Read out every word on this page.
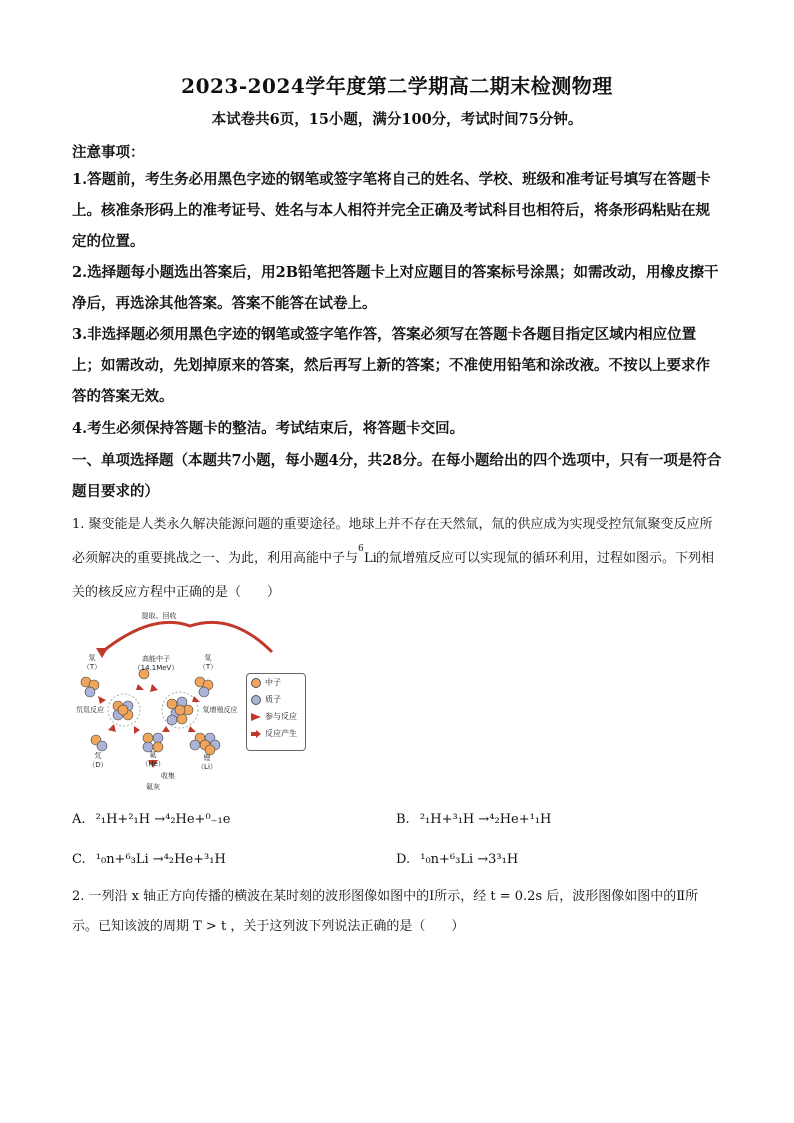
2023-2024学年度第二学期高二期末检测物理
本试卷共6页，15小题，满分100分，考试时间75分钟。
注意事项：
1.答题前，考生务必用黑色字迹的钢笔或签字笔将自己的姓名、学校、班级和准考证号填写在答题卡上。核准条形码上的准考证号、姓名与本人相符并完全正确及考试科目也相符后，将条形码粘贴在规定的位置。
2.选择题每小题选出答案后，用2B铅笔把答题卡上对应题目的答案标号涂黑；如需改动，用橡皮擦干净后，再选涂其他答案。答案不能答在试卷上。
3.非选择题必须用黑色字迹的钢笔或签字笔作答，答案必须写在答题卡各题目指定区域内相应位置上；如需改动，先划掉原来的答案，然后再写上新的答案；不准使用铅笔和涂改液。不按以上要求作答的答案无效。
4.考生必须保持答题卡的整洁。考试结束后，将答题卡交回。
一、单项选择题（本题共7小题，每小题4分，共28分。在每小题给出的四个选项中，只有一项是符合题目要求的）
1. 聚变能是人类永久解决能源问题的重要途径。地球上并不存在天然氚，氚的供应成为实现受控氘氚聚变反应所必须解决的重要挑战之一、为此，利用高能中子与
6
Li的氚增殖反应可以实现氚的循环利用，过程如图示。下列相关的核反应方程中正确的是（　　）
提取、回收
氚
（T）
氚
（T）
高能中子
（14.1MeV）
氘氚反应	氚增殖反应
氘
（D）
氦
（He）
锂
（Li）
收集
氦灰
中子
质子
参与反应
反应产生
A. ²₁H+²₁H →⁴₂He+⁰₋₁e	B. ²₁H+³₁H →⁴₂He+¹₁H
C. ¹₀n+⁶₃Li →⁴₂He+³₁H	D. ¹₀n+⁶₃Li →3³₁H
2. 一列沿 x 轴正方向传播的横波在某时刻的波形图像如图中的Ⅰ所示，经 t = 0.2s 后，波形图像如图中的Ⅱ所示。已知该波的周期 T > t ，关于这列波下列说法正确的是（　　）
